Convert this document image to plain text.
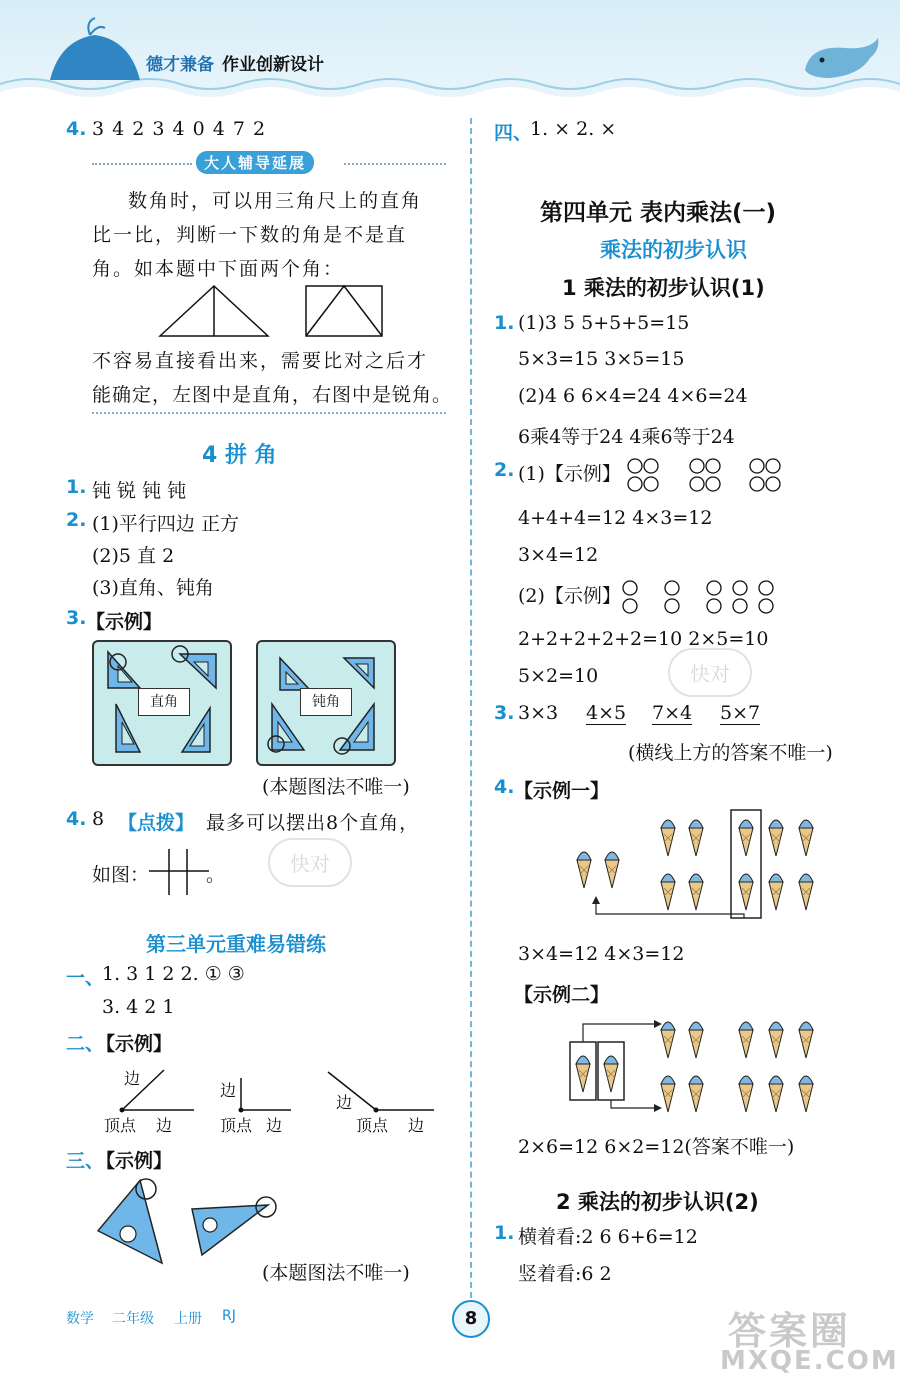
德才兼备 作业创新设计
4. 3 4 2 3 4 0 4 7 2
大人辅导延展
数角时，可以用三角尺上的直角
比一比，判断一下数的角是不是直
角。如本题中下面两个角：
不容易直接看出来，需要比对之后才
能确定，左图中是直角，右图中是锐角。
4 拼 角
1. 钝 锐 钝 钝
2. (1)平行四边 正方
(2)5 直 2
(3)直角、钝角
3. 【示例】
直角	钝角
(本题图法不唯一)
4. 8 【点拨】 最多可以摆出8个直角，
如图：	。
第三单元重难易错练
一、
1. 3 1 2 2. ① ③
3. 4 2 1
二、
【示例】
边
顶点 边
边
顶点 边
边
顶点 边
三、
【示例】
(本题图法不唯一)
数学 二年级 上册 RJ	8
四、
1. × 2. ×
第四单元 表内乘法(一)
乘法的初步认识
1 乘法的初步认识(1)
1. (1)3 5 5+5+5=15
5×3=15 3×5=15
(2)4 6 6×4=24 4×6=24
6乘4等于24 4乘6等于24
2. (1)【示例】
4+4+4=12 4×3=12
3×4=12
(2)【示例】
2+2+2+2+2=10 2×5=10
5×2=10
3. 3×3 4×5 7×4 5×7
(横线上方的答案不唯一)
4. 【示例一】
3×4=12 4×3=12
【示例二】
2×6=12 6×2=12(答案不唯一)
2 乘法的初步认识(2)
1. 横着看:2 6 6+6=12
竖着看:6 2
快对
快对
答案圈
MXQE.COM
